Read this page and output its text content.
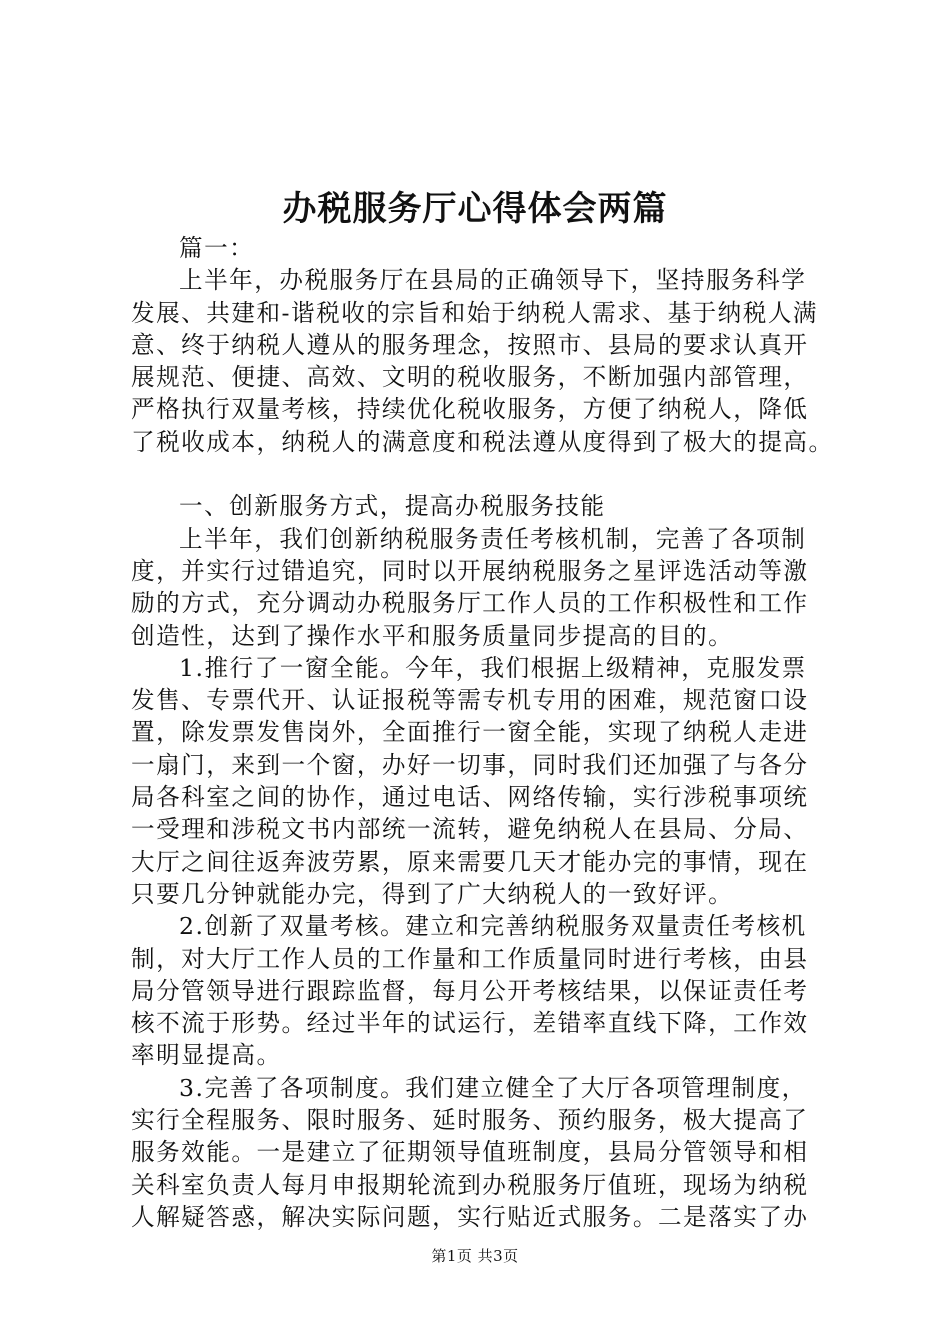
办税服务厅心得体会两篇
篇一：
上半年，办税服务厅在县局的正确领导下，坚持服务科学
发展、共建和-谐税收的宗旨和始于纳税人需求、基于纳税人满
意、终于纳税人遵从的服务理念，按照市、县局的要求认真开
展规范、便捷、高效、文明的税收服务，不断加强内部管理，
严格执行双量考核，持续优化税收服务，方便了纳税人，降低
了税收成本，纳税人的满意度和税法遵从度得到了极大的提高。
一、创新服务方式，提高办税服务技能
上半年，我们创新纳税服务责任考核机制，完善了各项制
度，并实行过错追究，同时以开展纳税服务之星评选活动等激
励的方式，充分调动办税服务厅工作人员的工作积极性和工作
创造性，达到了操作水平和服务质量同步提高的目的。
1.推行了一窗全能。今年，我们根据上级精神，克服发票
发售、专票代开、认证报税等需专机专用的困难，规范窗口设
置，除发票发售岗外，全面推行一窗全能，实现了纳税人走进
一扇门，来到一个窗，办好一切事，同时我们还加强了与各分
局各科室之间的协作，通过电话、网络传输，实行涉税事项统
一受理和涉税文书内部统一流转，避免纳税人在县局、分局、
大厅之间往返奔波劳累，原来需要几天才能办完的事情，现在
只要几分钟就能办完，得到了广大纳税人的一致好评。
2.创新了双量考核。建立和完善纳税服务双量责任考核机
制，对大厅工作人员的工作量和工作质量同时进行考核，由县
局分管领导进行跟踪监督，每月公开考核结果，以保证责任考
核不流于形势。经过半年的试运行，差错率直线下降，工作效
率明显提高。
3.完善了各项制度。我们建立健全了大厅各项管理制度，
实行全程服务、限时服务、延时服务、预约服务，极大提高了
服务效能。一是建立了征期领导值班制度，县局分管领导和相
关科室负责人每月申报期轮流到办税服务厅值班，现场为纳税
人解疑答惑，解决实际问题，实行贴近式服务。二是落实了办
第1页 共3页
